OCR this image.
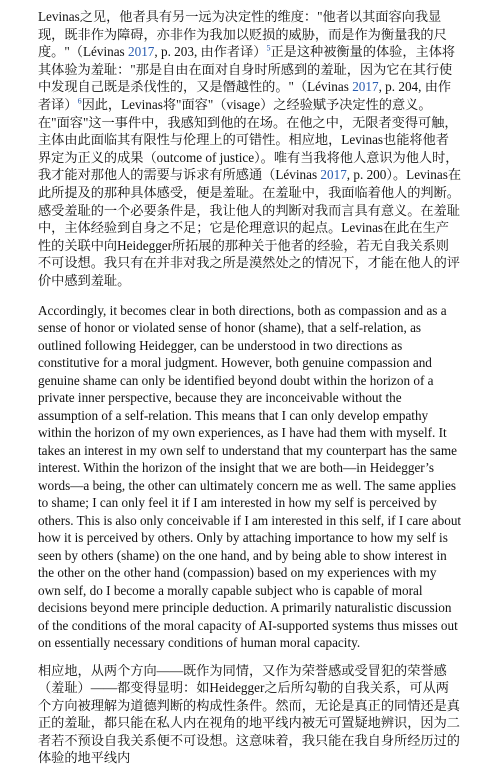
Levinas之见，他者具有另一远为决定性的维度："他者以其面容向我显现，既非作为障碍，亦非作为我加以贬损的威胁，而是作为衡量我的尺度。"（Lévinas 2017, p. 203, 由作者译）$^5$正是这种被衡量的体验，主体将其体验为羞耻："那是自由在面对自身时所感到的羞耻，因为它在其行使中发现自己既是杀伐性的，又是僭越性的。"（Lévinas 2017, p. 204, 由作者译）$^6$因此，Levinas将"面容"（visage）之经验赋予决定性的意义。在"面容"这一事件中，我感知到他的在场。在他之中，无限者变得可触，主体由此面临其有限性与伦理上的可错性。相应地，Levinas也能将他者界定为正义的成果（outcome of justice）。唯有当我将他人意识为他人时，我才能对那他人的需要与诉求有所感通（Lévinas 2017, p. 200）。Levinas在此所提及的那种具体感受，便是羞耻。在羞耻中，我面临着他人的判断。感受羞耻的一个必要条件是，我让他人的判断对我而言具有意义。在羞耻中，主体经验到自身之不足；它是伦理意识的起点。Levinas在此在生产性的关联中向Heidegger所拓展的那种关于他者的经验，若无自我关系则不可设想。我只有在并非对我之所是漠然处之的情况下，才能在他人的评价中感到羞耻。

Accordingly, it becomes clear in both directions, both as compassion and as a sense of honor or violated sense of honor (shame), that a self-relation, as outlined following Heidegger, can be understood in two directions as constitutive for a moral judgment. However, both genuine compassion and genuine shame can only be identified beyond doubt within the horizon of a private inner perspective, because they are inconceivable without the assumption of a self-relation. This means that I can only develop empathy within the horizon of my own experiences, as I have had them with myself. It takes an interest in my own self to understand that my counterpart has the same interest. Within the horizon of the insight that we are both—in Heidegger’s words—a being, the other can ultimately concern me as well. The same applies to shame; I can only feel it if I am interested in how my self is perceived by others. This is also only conceivable if I am interested in this self, if I care about how it is perceived by others. Only by attaching importance to how my self is seen by others (shame) on the one hand, and by being able to show interest in the other on the other hand (compassion) based on my experiences with my own self, do I become a morally capable subject who is capable of moral decisions beyond mere principle deduction. A primarily naturalistic discussion of the conditions of the moral capacity of AI-supported systems thus misses out on essentially necessary conditions of human moral capacity.

相应地，从两个方向——既作为同情，又作为荣誉感或受冒犯的荣誉感（羞耻）——都变得显明：如Heidegger之后所勾勒的自我关系，可从两个方向被理解为道德判断的构成性条件。然而，无论是真正的同情还是真正的羞耻，都只能在私人内在视角的地平线内被无可置疑地辨识，因为二者若不预设自我关系便不可设想。这意味着，我只能在我自身所经历过的体验的地平线内
